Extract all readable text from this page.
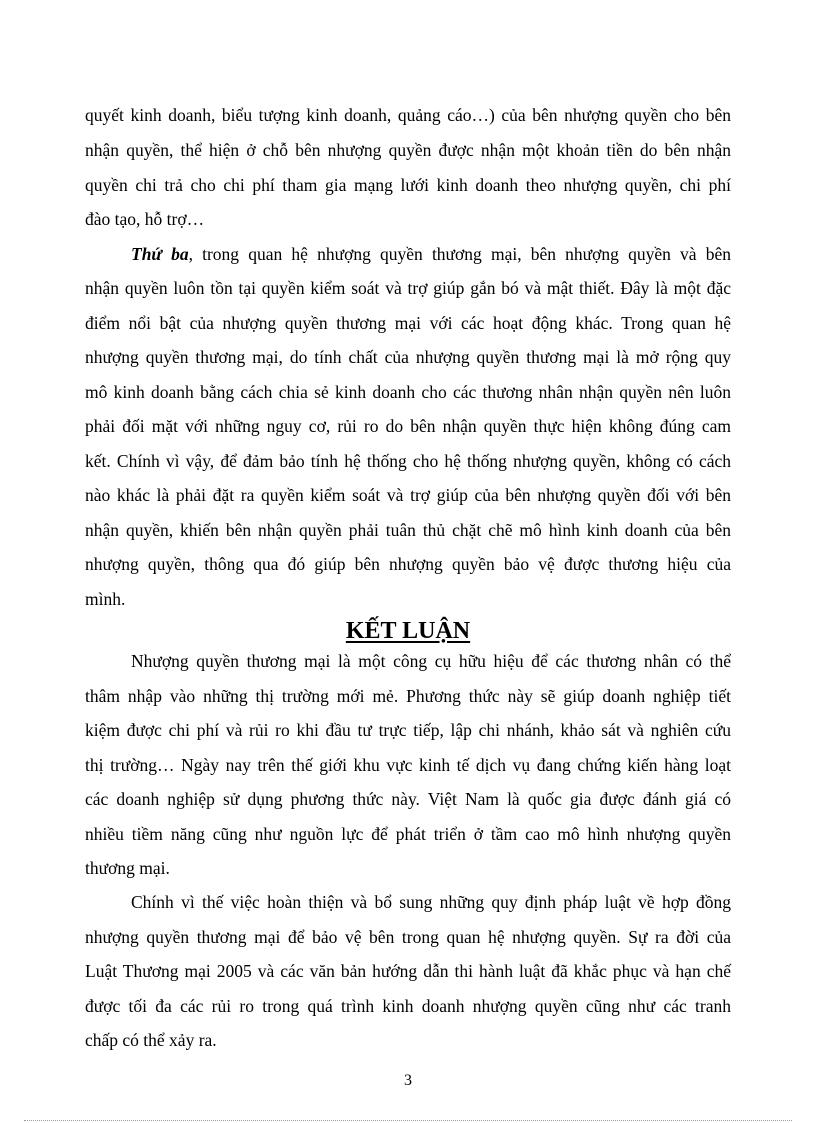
quyết kinh doanh, biểu tượng kinh doanh, quảng cáo…) của bên nhượng quyền cho bên
nhận quyền, thể hiện ở chỗ bên nhượng quyền được nhận một khoản tiền do bên nhận
quyền chi trả cho chi phí tham gia mạng lưới kinh doanh theo nhượng quyền, chi phí
đào tạo, hỗ trợ…
Thứ ba, trong quan hệ nhượng quyền thương mại, bên nhượng quyền và bên
nhận quyền luôn tồn tại quyền kiểm soát và trợ giúp gắn bó và mật thiết. Đây là một đặc
điểm nổi bật của nhượng quyền thương mại với các hoạt động khác. Trong quan hệ
nhượng quyền thương mại, do tính chất của nhượng quyền thương mại là mở rộng quy
mô kinh doanh bằng cách chia sẻ kinh doanh cho các thương nhân nhận quyền nên luôn
phải đối mặt với những nguy cơ, rủi ro do bên nhận quyền thực hiện không đúng cam
kết. Chính vì vậy, để đảm bảo tính hệ thống cho hệ thống nhượng quyền, không có cách
nào khác là phải đặt ra quyền kiểm soát và trợ giúp của bên nhượng quyền đối với bên
nhận quyền, khiến bên nhận quyền phải tuân thủ chặt chẽ mô hình kinh doanh của bên
nhượng quyền, thông qua đó giúp bên nhượng quyền bảo vệ được thương hiệu của
mình.
KẾT LUẬN
Nhượng quyền thương mại là một công cụ hữu hiệu để các thương nhân có thể
thâm nhập vào những thị trường mới mẻ. Phương thức này sẽ giúp doanh nghiệp tiết
kiệm được chi phí và rủi ro khi đầu tư trực tiếp, lập chi nhánh, khảo sát và nghiên cứu
thị trường… Ngày nay trên thế giới khu vực kinh tế dịch vụ đang chứng kiến hàng loạt
các doanh nghiệp sử dụng phương thức này. Việt Nam là quốc gia được đánh giá có
nhiều tiềm năng cũng như nguồn lực để phát triển ở tầm cao mô hình nhượng quyền
thương mại.
Chính vì thế việc hoàn thiện và bổ sung những quy định pháp luật về hợp đồng
nhượng quyền thương mại để bảo vệ bên trong quan hệ nhượng quyền. Sự ra đời của
Luật Thương mại 2005 và các văn bản hướng dẫn thi hành luật đã khắc phục và hạn chế
được tối đa các rủi ro trong quá trình kinh doanh nhượng quyền cũng như các tranh
chấp có thể xảy ra.
3
